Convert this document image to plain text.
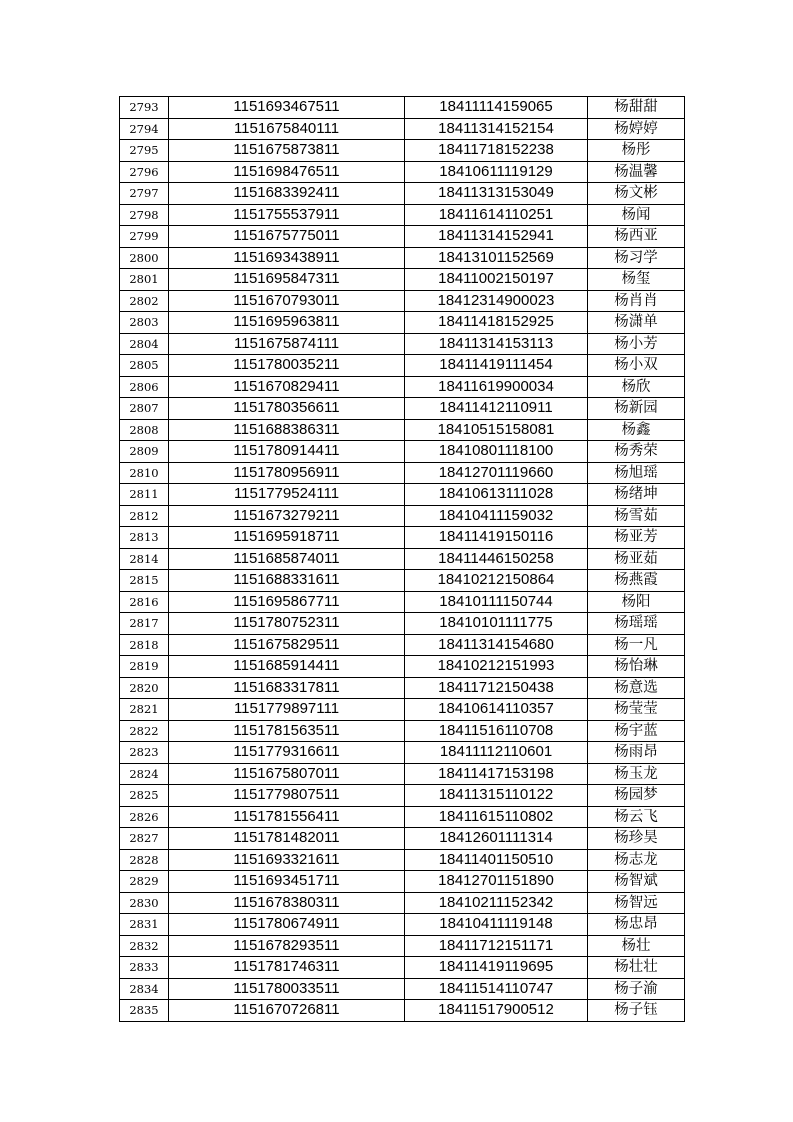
2793	1151693467511	18411114159065	杨甜甜
2794	1151675840111	18411314152154	杨婷婷
2795	1151675873811	18411718152238	杨彤
2796	1151698476511	18410611119129	杨温馨
2797	1151683392411	18411313153049	杨文彬
2798	1151755537911	18411614110251	杨闻
2799	1151675775011	18411314152941	杨西亚
2800	1151693438911	18413101152569	杨习学
2801	1151695847311	18411002150197	杨玺
2802	1151670793011	18412314900023	杨肖肖
2803	1151695963811	18411418152925	杨潇单
2804	1151675874111	18411314153113	杨小芳
2805	1151780035211	18411419111454	杨小双
2806	1151670829411	18411619900034	杨欣
2807	1151780356611	18411412110911	杨新园
2808	1151688386311	18410515158081	杨鑫
2809	1151780914411	18410801118100	杨秀荣
2810	1151780956911	18412701119660	杨旭瑶
2811	1151779524111	18410613111028	杨绪坤
2812	1151673279211	18410411159032	杨雪茹
2813	1151695918711	18411419150116	杨亚芳
2814	1151685874011	18411446150258	杨亚茹
2815	1151688331611	18410212150864	杨燕霞
2816	1151695867711	18410111150744	杨阳
2817	1151780752311	18410101111775	杨瑶瑶
2818	1151675829511	18411314154680	杨一凡
2819	1151685914411	18410212151993	杨怡琳
2820	1151683317811	18411712150438	杨意选
2821	1151779897111	18410614110357	杨莹莹
2822	1151781563511	18411516110708	杨宇蓝
2823	1151779316611	18411112110601	杨雨昂
2824	1151675807011	18411417153198	杨玉龙
2825	1151779807511	18411315110122	杨园梦
2826	1151781556411	18411615110802	杨云飞
2827	1151781482011	18412601111314	杨珍昊
2828	1151693321611	18411401150510	杨志龙
2829	1151693451711	18412701151890	杨智斌
2830	1151678380311	18410211152342	杨智远
2831	1151780674911	18410411119148	杨忠昂
2832	1151678293511	18411712151171	杨壮
2833	1151781746311	18411419119695	杨壮壮
2834	1151780033511	18411514110747	杨子渝
2835	1151670726811	18411517900512	杨子钰
